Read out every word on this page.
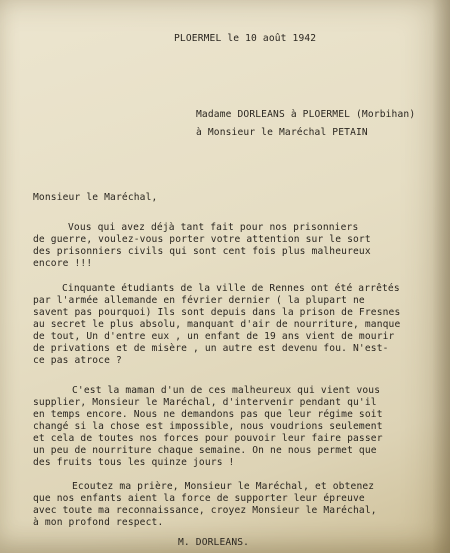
PLOERMEL le 10 août 1942
Madame DORLEANS à PLOERMEL (Morbihan)
à Monsieur le Maréchal PETAIN
Monsieur le Maréchal,
Vous qui avez déjà tant fait pour nos prisonniers
de guerre, voulez-vous porter votre attention sur le sort
des prisonniers civils qui sont cent fois plus malheureux
encore !!!
Cinquante étudiants de la ville de Rennes ont été arrêtés
par l'armée allemande en février dernier ( la plupart ne
savent pas pourquoi) Ils sont depuis dans la prison de Fresnes
au secret le plus absolu, manquant d'air de nourriture, manque
de tout, Un d'entre eux , un enfant de 19 ans vient de mourir
de privations et de misère , un autre est devenu fou. N'est-
ce pas atroce ?
C'est la maman d'un de ces malheureux qui vient vous
supplier, Monsieur le Maréchal, d'intervenir pendant qu'il
en temps encore. Nous ne demandons pas que leur régime soit
changé si la chose est impossible, nous voudrions seulement
et cela de toutes nos forces pour pouvoir leur faire passer
un peu de nourriture chaque semaine. On ne nous permet que
des fruits tous les quinze jours !
Ecoutez ma prière, Monsieur le Maréchal, et obtenez
que nos enfants aient la force de supporter leur épreuve
avec toute ma reconnaissance, croyez Monsieur le Maréchal,
à mon profond respect.
M. DORLEANS.
